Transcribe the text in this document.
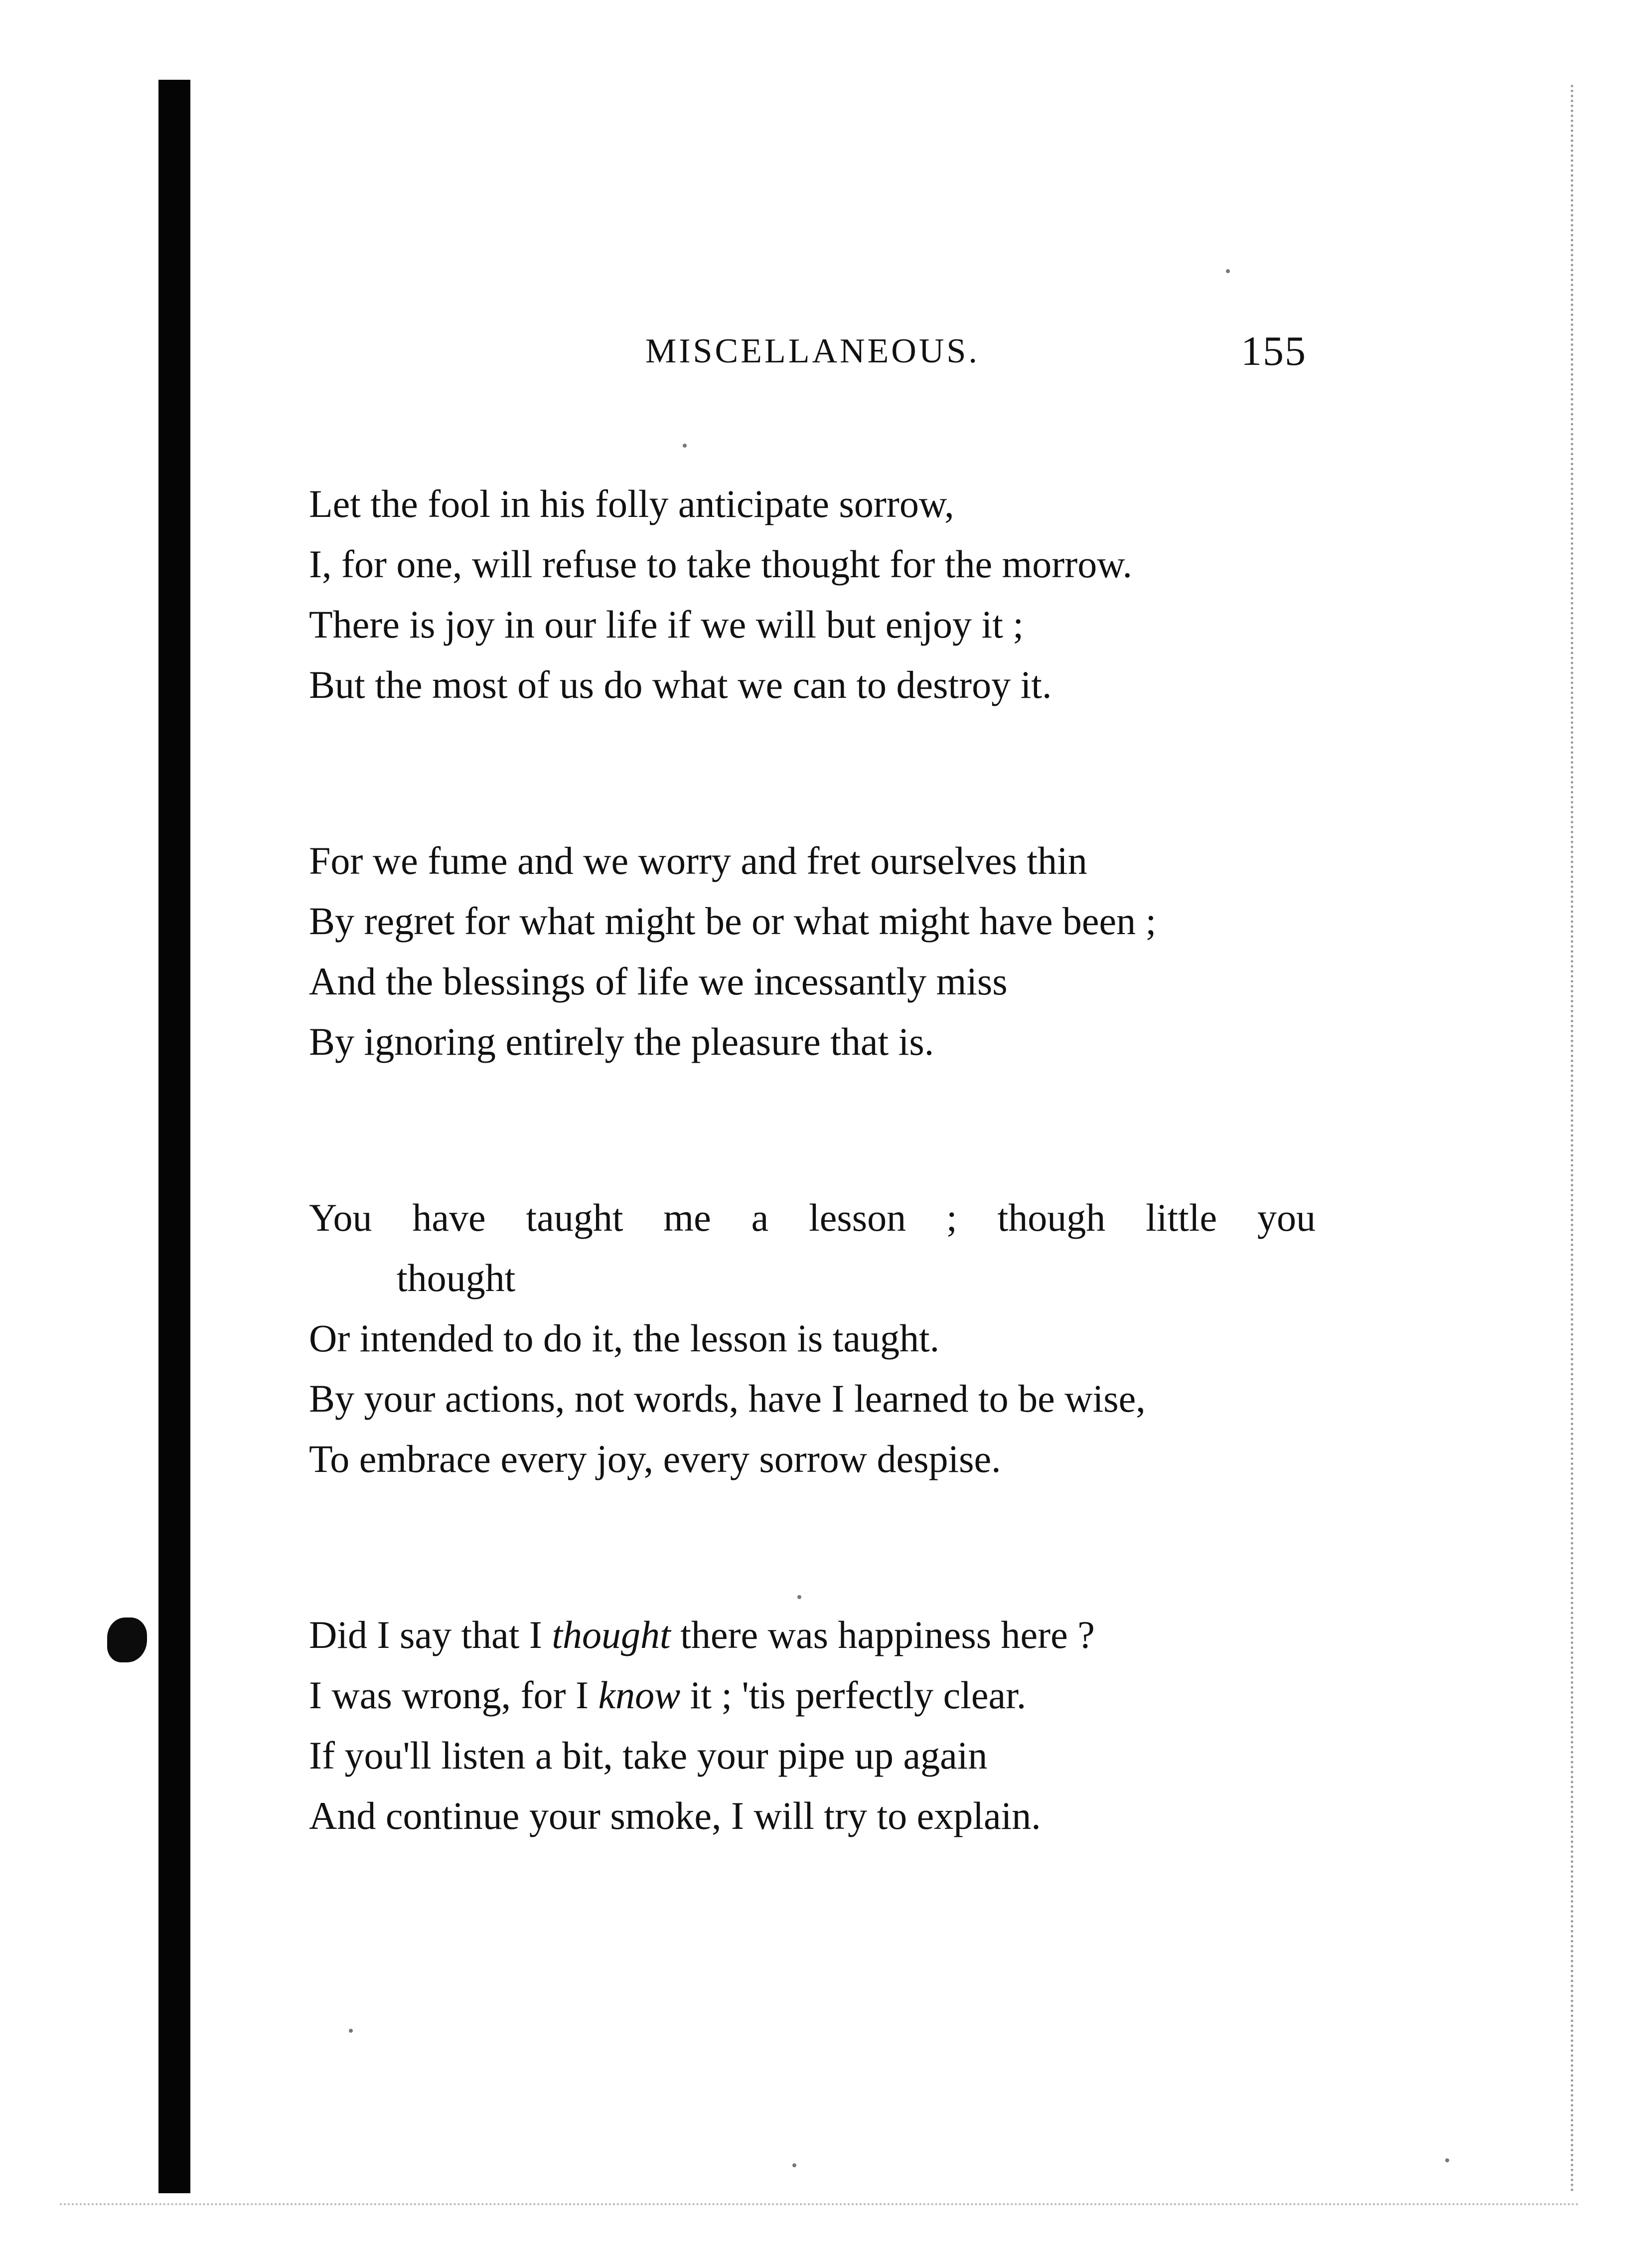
MISCELLANEOUS.	155
Let the fool in his folly anticipate sorrow,
I, for one, will refuse to take thought for the morrow.
There is joy in our life if we will but enjoy it ;
But the most of us do what we can to destroy it.
For we fume and we worry and fret ourselves thin
By regret for what might be or what might have been ;
And the blessings of life we incessantly miss
By ignoring entirely the pleasure that is.
You have taught me a lesson ; though little you
thought
Or intended to do it, the lesson is taught.
By your actions, not words, have I learned to be wise,
To embrace every joy, every sorrow despise.
Did I say that I thought there was happiness here ?
I was wrong, for I know it ; 'tis perfectly clear.
If you'll listen a bit, take your pipe up again
And continue your smoke, I will try to explain.
